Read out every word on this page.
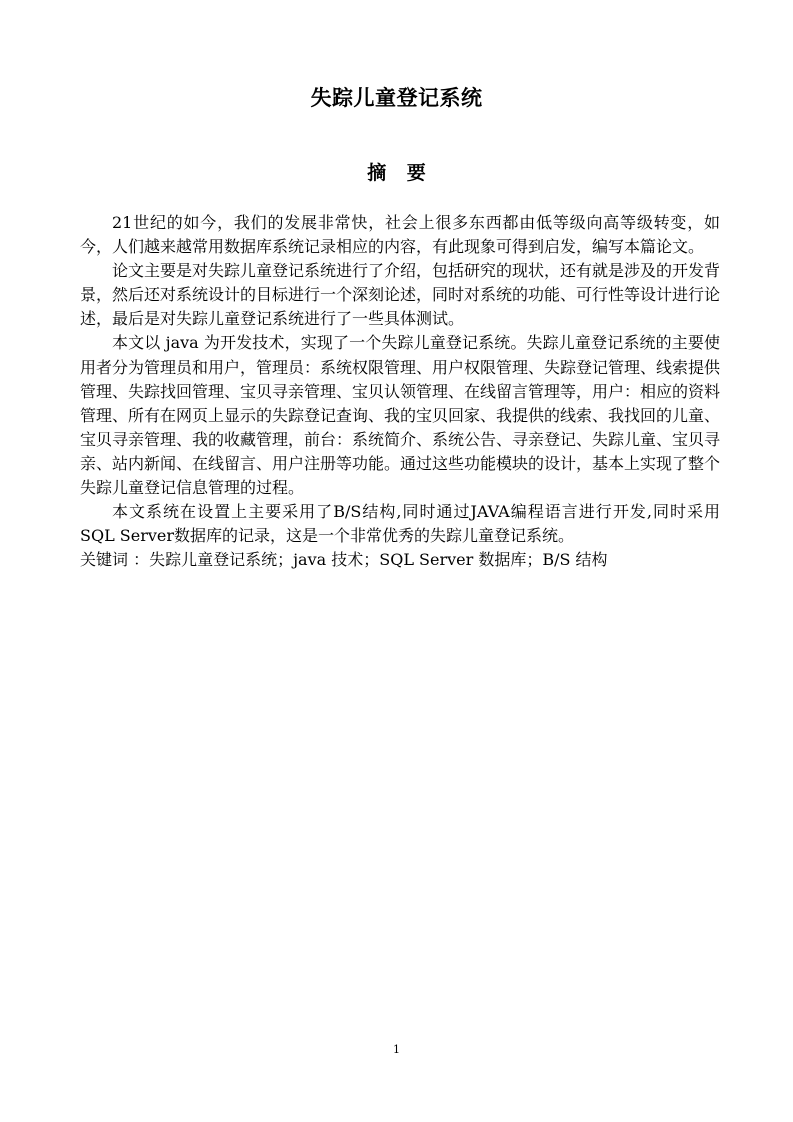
失踪儿童登记系统
摘 要

21世纪的如今，我们的发展非常快，社会上很多东西都由低等级向高等级转变，如今，人们越来越常用数据库系统记录相应的内容，有此现象可得到启发，编写本篇论文。

论文主要是对失踪儿童登记系统进行了介绍，包括研究的现状，还有就是涉及的开发背景，然后还对系统设计的目标进行一个深刻论述，同时对系统的功能、可行性等设计进行论述，最后是对失踪儿童登记系统进行了一些具体测试。

本文以 java 为开发技术，实现了一个失踪儿童登记系统。失踪儿童登记系统的主要使用者分为管理员和用户，管理员：系统权限管理、用户权限管理、失踪登记管理、线索提供管理、失踪找回管理、宝贝寻亲管理、宝贝认领管理、在线留言管理等，用户：相应的资料管理、所有在网页上显示的失踪登记查询、我的宝贝回家、我提供的线索、我找回的儿童、宝贝寻亲管理、我的收藏管理，前台：系统简介、系统公告、寻亲登记、失踪儿童、宝贝寻亲、站内新闻、在线留言、用户注册等功能。通过这些功能模块的设计，基本上实现了整个失踪儿童登记信息管理的过程。

本文系统在设置上主要采用了B/S结构,同时通过JAVA编程语言进行开发,同时采用SQL Server数据库的记录，这是一个非常优秀的失踪儿童登记系统。

关键词 ：失踪儿童登记系统；java 技术；SQL Server 数据库；B/S 结构

1
